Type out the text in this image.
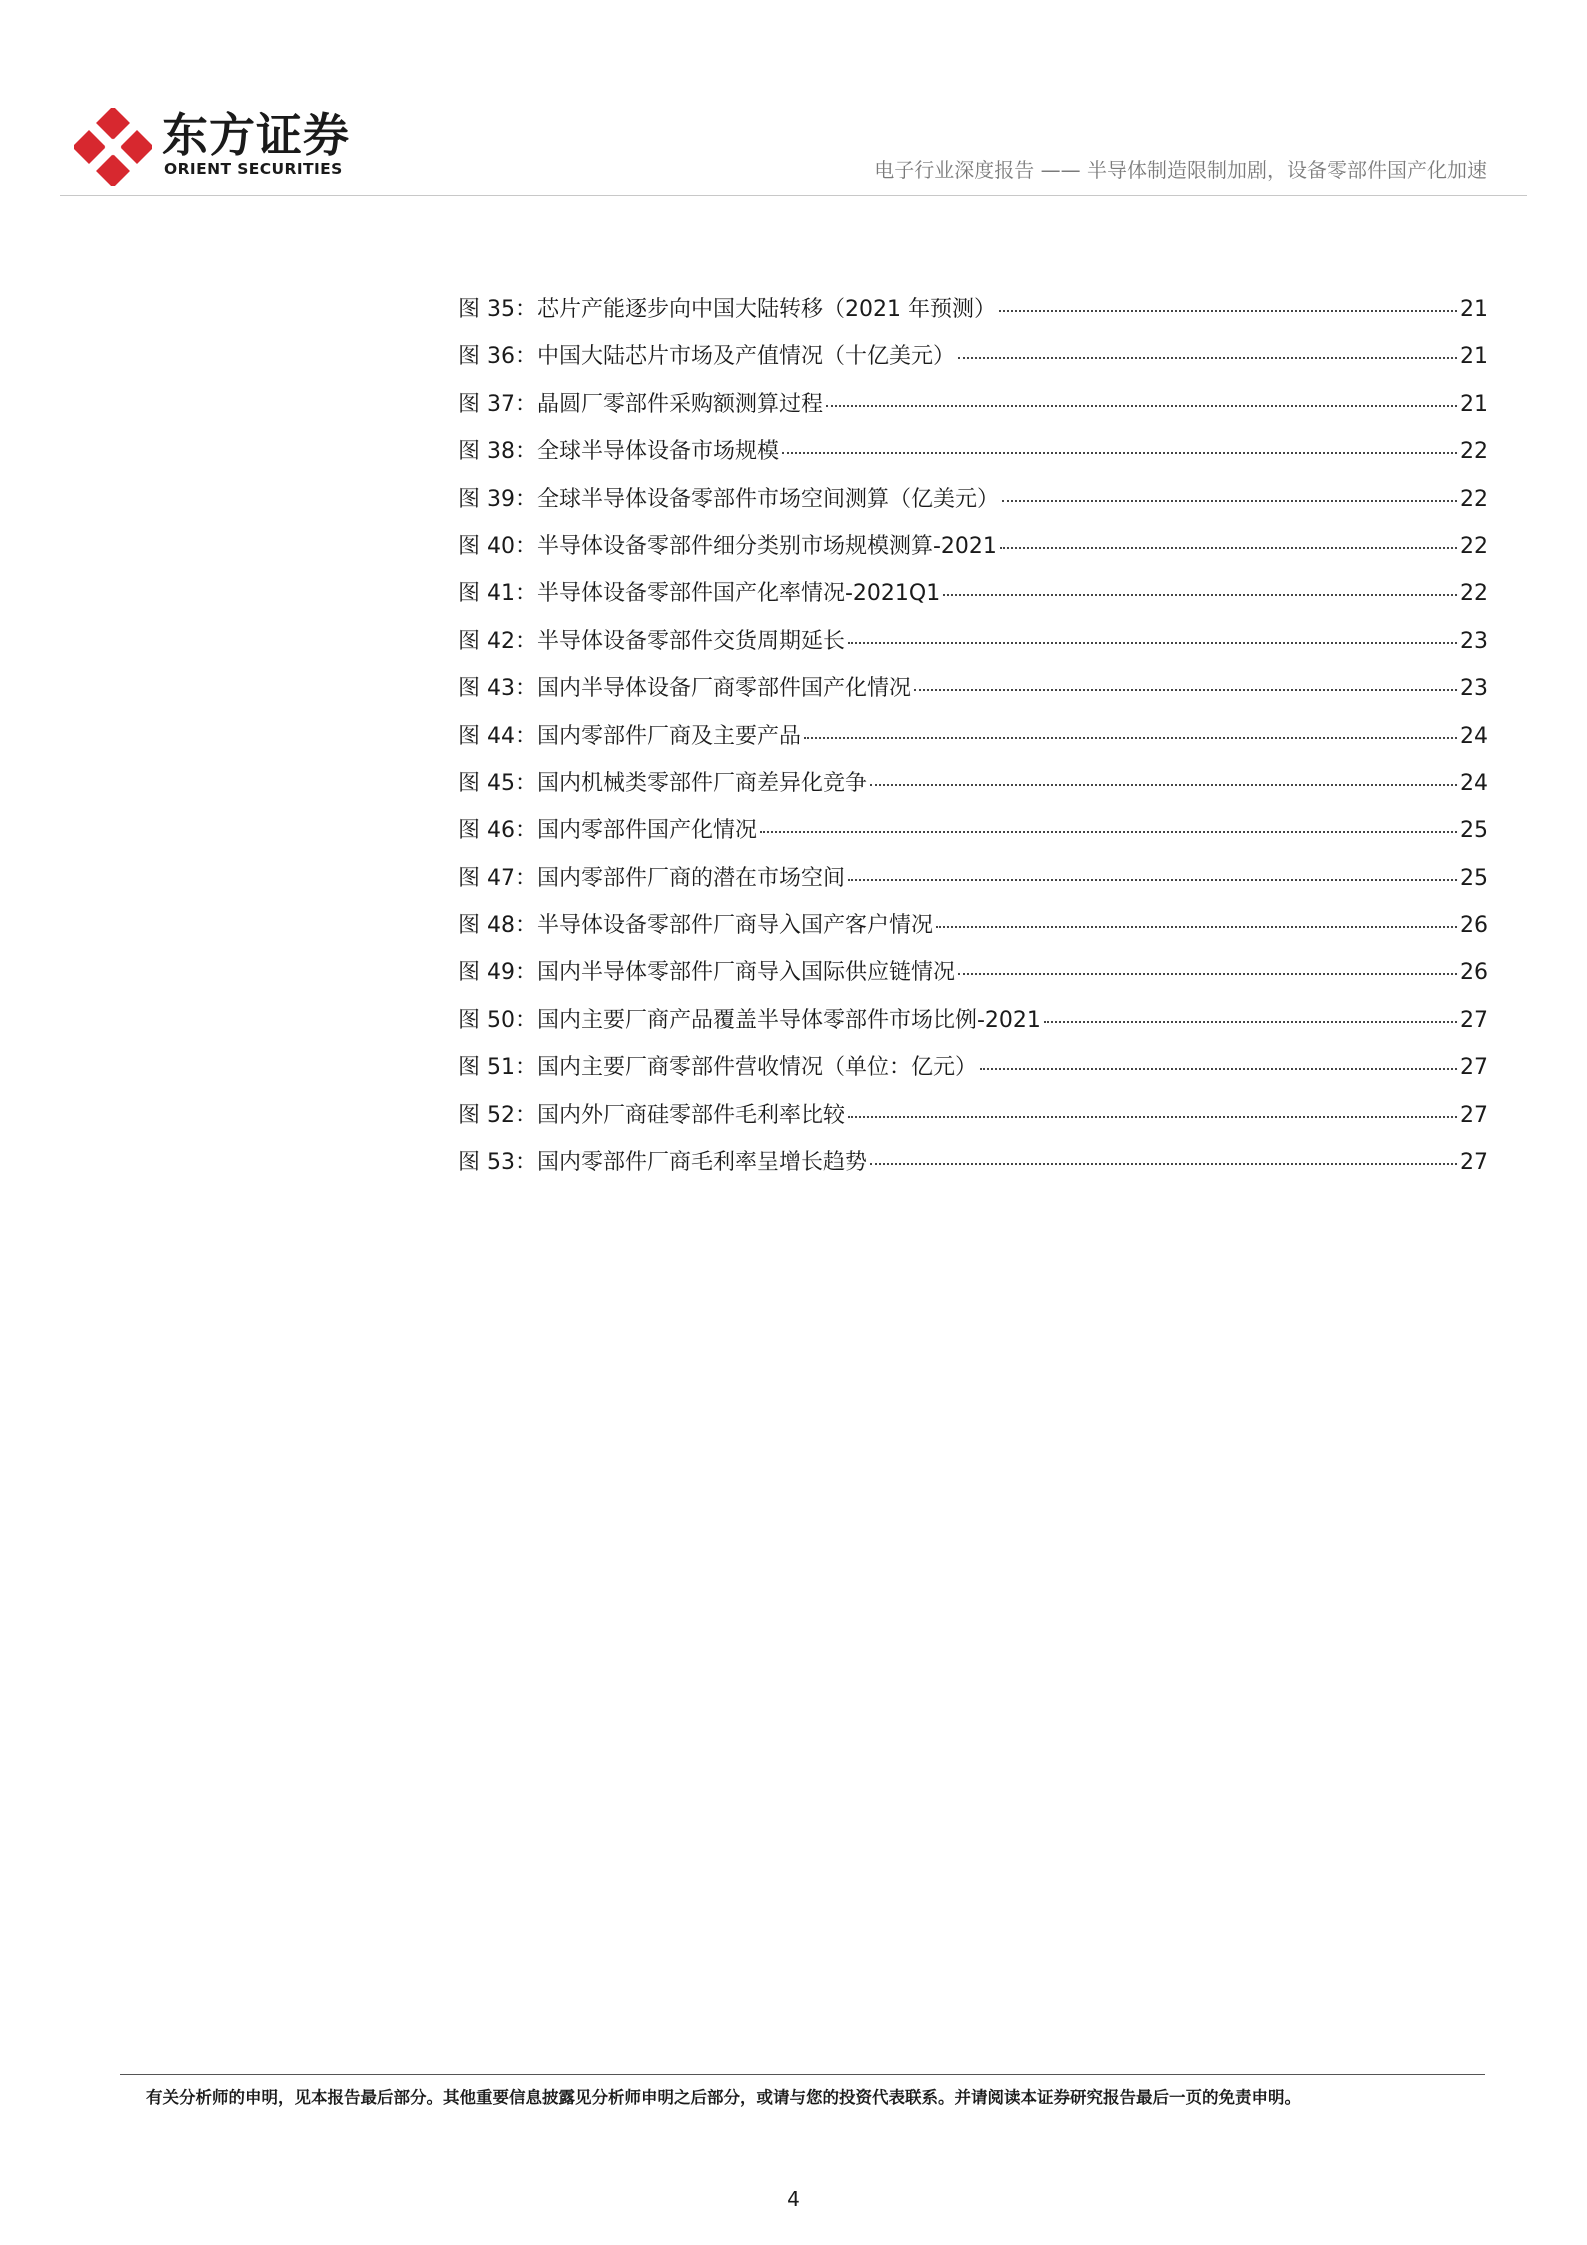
东方证券
ORIENT SECURITIES	电子行业深度报告 —— 半导体制造限制加剧，设备零部件国产化加速
图 35：芯片产能逐步向中国大陆转移（2021 年预测）	21
图 36：中国大陆芯片市场及产值情况（十亿美元）	21
图 37：晶圆厂零部件采购额测算过程	21
图 38：全球半导体设备市场规模	22
图 39：全球半导体设备零部件市场空间测算（亿美元）	22
图 40：半导体设备零部件细分类别市场规模测算-2021	22
图 41：半导体设备零部件国产化率情况-2021Q1	22
图 42：半导体设备零部件交货周期延长	23
图 43：国内半导体设备厂商零部件国产化情况	23
图 44：国内零部件厂商及主要产品	24
图 45：国内机械类零部件厂商差异化竞争	24
图 46：国内零部件国产化情况	25
图 47：国内零部件厂商的潜在市场空间	25
图 48：半导体设备零部件厂商导入国产客户情况	26
图 49：国内半导体零部件厂商导入国际供应链情况	26
图 50：国内主要厂商产品覆盖半导体零部件市场比例-2021	27
图 51：国内主要厂商零部件营收情况（单位：亿元）	27
图 52：国内外厂商硅零部件毛利率比较	27
图 53：国内零部件厂商毛利率呈增长趋势	27
有关分析师的申明，见本报告最后部分。其他重要信息披露见分析师申明之后部分，或请与您的投资代表联系。并请阅读本证券研究报告最后一页的免责申明。
4
